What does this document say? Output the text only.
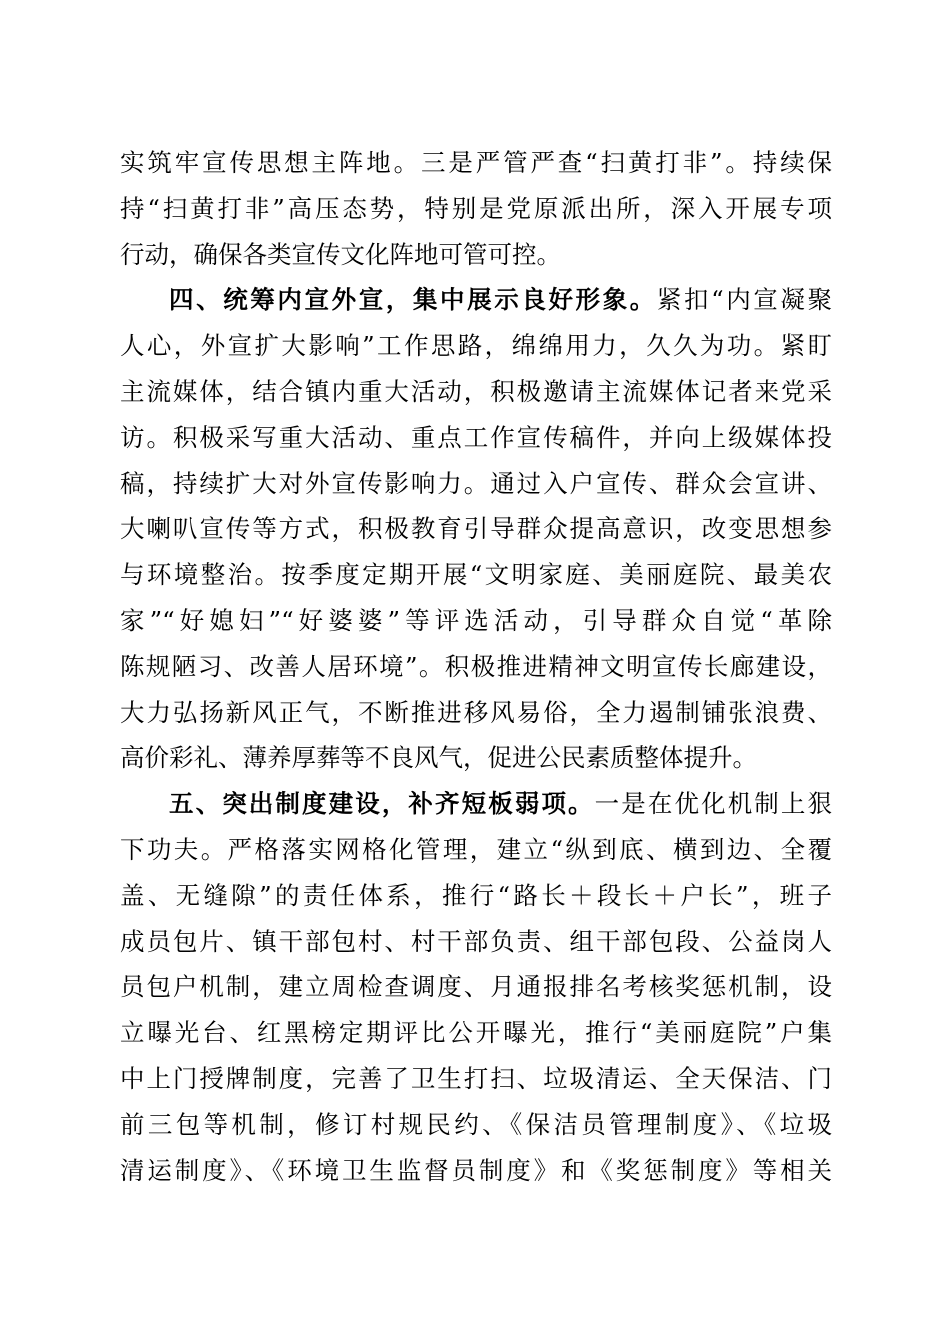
实筑牢宣传思想主阵地。三是严管严查“扫黄打非”。持续保
持“扫黄打非”高压态势，特别是党原派出所，深入开展专项
行动，确保各类宣传文化阵地可管可控。
四、统筹内宣外宣，集中展示良好形象。紧扣“内宣凝聚
人心，外宣扩大影响”工作思路，绵绵用力，久久为功。紧盯
主流媒体，结合镇内重大活动，积极邀请主流媒体记者来党采
访。积极采写重大活动、重点工作宣传稿件，并向上级媒体投
稿，持续扩大对外宣传影响力。通过入户宣传、群众会宣讲、
大喇叭宣传等方式，积极教育引导群众提高意识，改变思想参
与环境整治。按季度定期开展“文明家庭、美丽庭院、最美农
家”“好媳妇”“好婆婆”等评选活动，引导群众自觉“革除
陈规陋习、改善人居环境”。积极推进精神文明宣传长廊建设，
大力弘扬新风正气，不断推进移风易俗，全力遏制铺张浪费、
高价彩礼、薄养厚葬等不良风气，促进公民素质整体提升。
五、突出制度建设，补齐短板弱项。一是在优化机制上狠
下功夫。严格落实网格化管理，建立“纵到底、横到边、全覆
盖、无缝隙”的责任体系，推行“路长＋段长＋户长”，班子
成员包片、镇干部包村、村干部负责、组干部包段、公益岗人
员包户机制，建立周检查调度、月通报排名考核奖惩机制，设
立曝光台、红黑榜定期评比公开曝光，推行“美丽庭院”户集
中上门授牌制度，完善了卫生打扫、垃圾清运、全天保洁、门
前三包等机制，修订村规民约、《保洁员管理制度》、《垃圾
清运制度》、《环境卫生监督员制度》和《奖惩制度》等相关
